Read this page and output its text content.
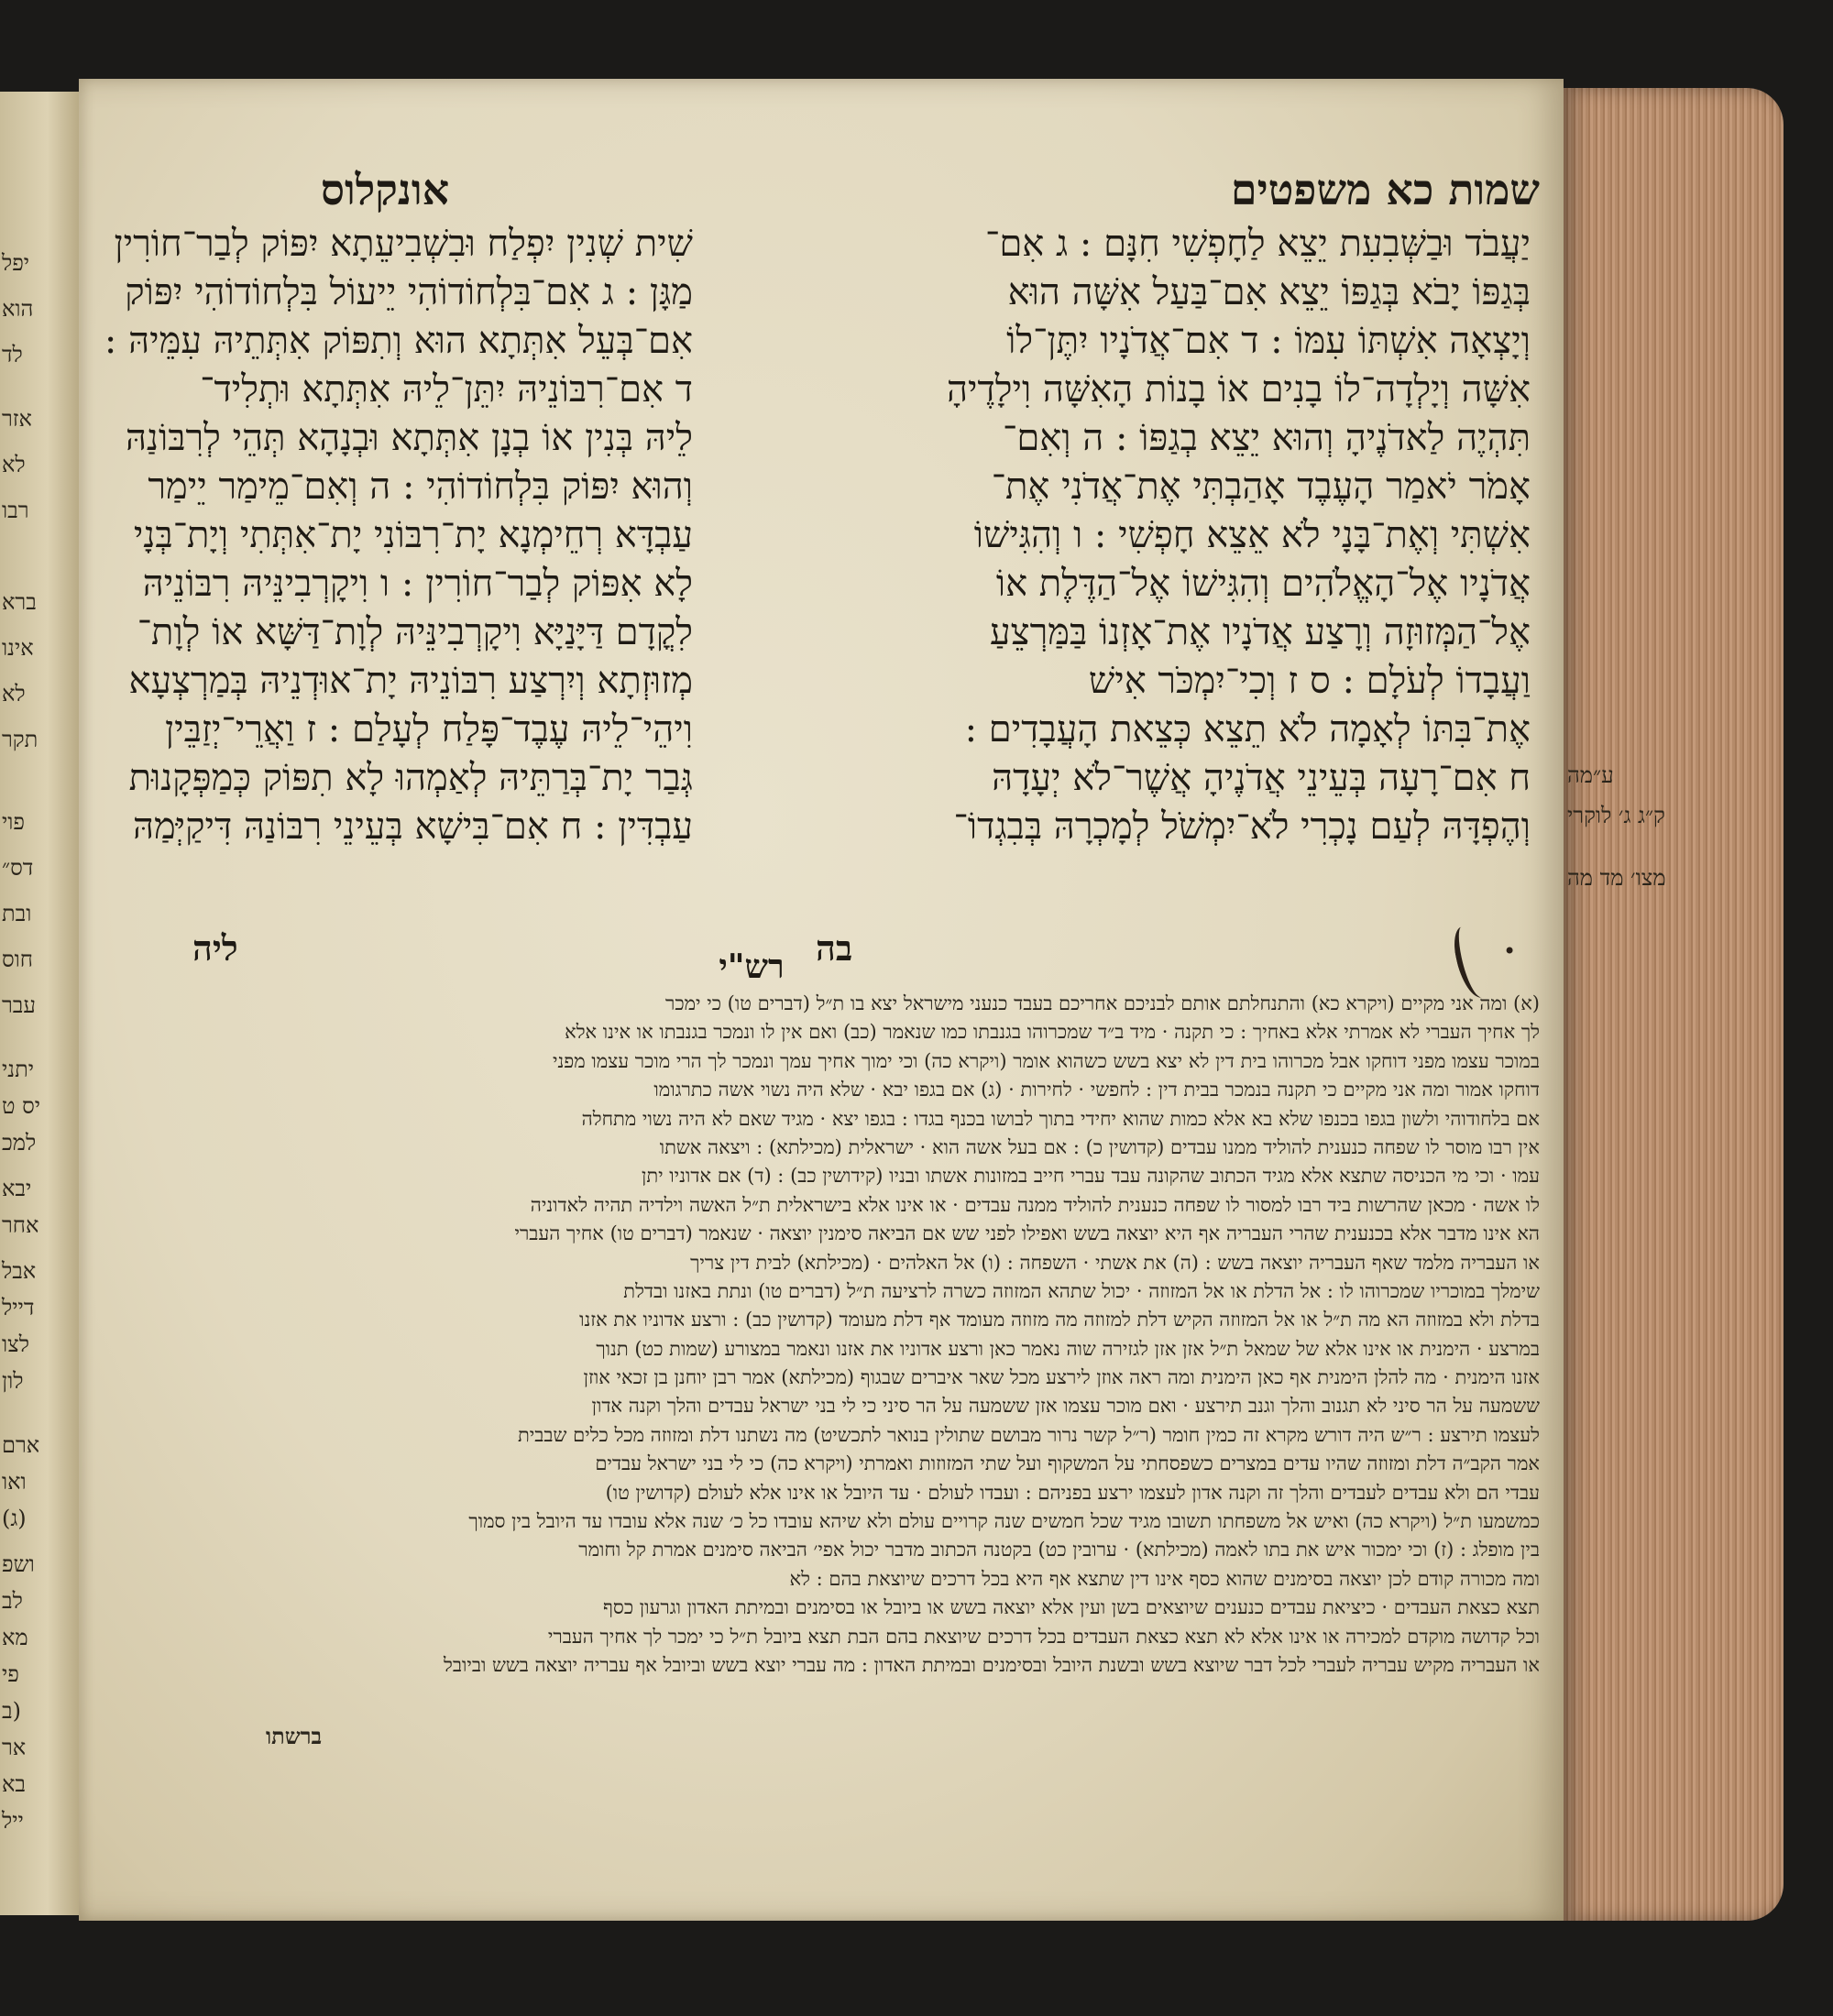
יפל
הוא
לד
אזר
לא
רבו
ברא
אינו
לא
תקר
פוי
דס״
ובת
חוס
עבר
יתני
יס ט
למכ
יבא
אחר
אבל
דייל
לצו
לון
ארם
ואו
(ג)
ושפ
לב
מא
פי
(ב
אר
בא
ייל
שמות כא משפטים
אונקלוס
יַעֲבֹד וּבַשְּׁבִעִת יֵצֵא לַחָפְשִׁי חִנָּם : ג אִם־
בְּגַפּוֹ יָבֹא בְּגַפּוֹ יֵצֵא אִם־בַּעַל אִשָּׁה הוּא
וְיָצְאָה אִשְׁתּוֹ עִמּוֹ : ד אִם־אֲדֹנָיו יִתֶּן־לוֹ
אִשָּׁה וְיָלְדָה־לוֹ בָנִים אוֹ בָנוֹת הָאִשָּׁה וִילָדֶיהָ
תִּהְיֶה לַאדֹנֶיהָ וְהוּא יֵצֵא בְגַפּוֹ : ה וְאִם־
אָמֹר יֹאמַר הָעֶבֶד אָהַבְתִּי אֶת־אֲדֹנִי אֶת־
אִשְׁתִּי וְאֶת־בָּנָי לֹא אֵצֵא חָפְשִׁי : ו וְהִגִּישׁוֹ
אֲדֹנָיו אֶל־הָאֱלֹהִים וְהִגִּישׁוֹ אֶל־הַדֶּלֶת אוֹ
אֶל־הַמְּזוּזָה וְרָצַע אֲדֹנָיו אֶת־אָזְנוֹ בַּמַּרְצֵעַ
וַעֲבָדוֹ לְעֹלָם : ס ז וְכִי־יִמְכֹּר אִישׁ
אֶת־בִּתּוֹ לְאָמָה לֹא תֵצֵא כְּצֵאת הָעֲבָדִים :
ח אִם־רָעָה בְּעֵינֵי אֲדֹנֶיהָ אֲשֶׁר־לֹא יְעָדָהּ
וְהֶפְדָּהּ לְעַם נָכְרִי לֹא־יִמְשֹׁל לְמָכְרָהּ בְּבִגְדוֹ־
שִׁית שְׁנִין יִפְלַח וּבִשְׁבִיעֵתָא יִפּוֹק לְבַר־חוֹרִין
מַגָּן : ג אִם־בִּלְחוֹדוֹהִי יֵיעוֹל בִּלְחוֹדוֹהִי יִפּוֹק
אִם־בְּעֵל אִתְּתָא הוּא וְתִפּוֹק אִתְּתֵיהּ עִמֵּיהּ :
ד אִם־רִבּוֹנֵיהּ יִתֵּן־לֵיהּ אִתְּתָא וּתְלִיד־
לֵיהּ בְּנִין אוֹ בְנָן אִתְּתָא וּבְנָהָא תְּהֵי לְרִבּוֹנַהּ
וְהוּא יִפּוֹק בִּלְחוֹדוֹהִי : ה וְאִם־מֵימַר יֵימַר
עַבְדָּא רְחֵימְנָא יָת־רִבּוֹנִי יָת־אִתְּתִי וְיָת־בְּנָי
לָא אִפּוֹק לְבַר־חוֹרִין : ו וִיקָרְבִינֵּיהּ רִבּוֹנֵיהּ
לִקֳדָם דַּיָּנַיָּא וִיקָרְבִינֵּיהּ לְוָת־דַּשָּׁא אוֹ לְוָת־
מְזוּזְתָא וְיִרְצַע רִבּוֹנֵיהּ יָת־אוּדְנֵיהּ בְּמַרְצְעָא
וִיהֵי־לֵיהּ עֶבֶד־פָּלַח לְעָלַם : ז וַאֲרֵי־יְזַבֵּין
גְּבַר יָת־בְּרַתֵּיהּ לְאַמְהוּ לָא תִפּוֹק כְּמַפְּקָנוּת
עַבְדִּין : ח אִם־בִּישָׁא בְּעֵינֵי רִבּוֹנַהּ דִּיקַיְּמַהּ
בה
ליה	רש"י
ע״מה
ק״ג ג׳ לוקרי
מצו׳ מד מה
•
(א) ומה אני מקיים (ויקרא כא) והתנחלתם אותם לבניכם אחריכם בעבד כנעני מישראל יצא בו ת״ל (דברים טו) כי ימכר
לך אחיך העברי לא אמרתי אלא באחיך : כי תקנה · מיד ב״ד שמכרוהו בגנבתו כמו שנאמר (כב) ואם אין לו ונמכר בגנבתו או אינו אלא
במוכר עצמו מפני דוחקו אבל מכרוהו בית דין לא יצא בשש כשהוא אומר (ויקרא כה) וכי ימוך אחיך עמך ונמכר לך הרי מוכר עצמו מפני
דוחקו אמור ומה אני מקיים כי תקנה בנמכר בבית דין : לחפשי · לחירות · (ג) אם בגפו יבא · שלא היה נשוי אשה כתרגומו
אם בלחודוהי ולשון בגפו בכנפו שלא בא אלא כמות שהוא יחידי בתוך לבושו בכנף בגדו : בגפו יצא · מגיד שאם לא היה נשוי מתחלה
אין רבו מוסר לו שפחה כנענית להוליד ממנו עבדים (קדושין כ) : אם בעל אשה הוא · ישראלית (מכילתא) : ויצאה אשתו
עמו · וכי מי הכניסה שתצא אלא מגיד הכתוב שהקונה עבד עברי חייב במזונות אשתו ובניו (קידושין כב) : (ד) אם אדוניו יתן
לו אשה · מכאן שהרשות ביד רבו למסור לו שפחה כנענית להוליד ממנה עבדים · או אינו אלא בישראלית ת״ל האשה וילדיה תהיה לאדוניה
הא אינו מדבר אלא בכנענית שהרי העבריה אף היא יוצאה בשש ואפילו לפני שש אם הביאה סימנין יוצאה · שנאמר (דברים טו) אחיך העברי
או העבריה מלמד שאף העבריה יוצאה בשש : (ה) את אשתי · השפחה : (ו) אל האלהים · (מכילתא) לבית דין צריך
שימלך במוכריו שמכרוהו לו : אל הדלת או אל המזוזה · יכול שתהא המזוזה כשרה לרציעה ת״ל (דברים טו) ונתת באזנו ובדלת
בדלת ולא במזוזה הא מה ת״ל או אל המזוזה הקיש דלת למזוזה מה מזוזה מעומד אף דלת מעומד (קדושין כב) : ורצע אדוניו את אזנו
במרצע · הימנית או אינו אלא של שמאל ת״ל אזן אזן לגזירה שוה נאמר כאן ורצע אדוניו את אזנו ונאמר במצורע (שמות כט) תנוך
אזנו הימנית · מה להלן הימנית אף כאן הימנית ומה ראה אוזן לירצע מכל שאר איברים שבגוף (מכילתא) אמר רבן יוחנן בן זכאי אוזן
ששמעה על הר סיני לא תגנוב והלך וגנב תירצע · ואם מוכר עצמו אזן ששמעה על הר סיני כי לי בני ישראל עבדים והלך וקנה אדון
לעצמו תירצע : ר״ש היה דורש מקרא זה כמין חומר (ר״ל קשר נרור מבושם שתולין בנואר לתכשיט) מה נשתנו דלת ומזוזה מכל כלים שבבית
אמר הקב״ה דלת ומזוזה שהיו עדים במצרים כשפסחתי על המשקוף ועל שתי המזוזות ואמרתי (ויקרא כה) כי לי בני ישראל עבדים
עבדי הם ולא עבדים לעבדים והלך זה וקנה אדון לעצמו ירצע בפניהם : ועבדו לעולם · עד היובל או אינו אלא לעולם (קדושין טו)
כמשמעו ת״ל (ויקרא כה) ואיש אל משפחתו תשובו מגיד שכל חמשים שנה קרויים עולם ולא שיהא עובדו כל כ׳ שנה אלא עובדו עד היובל בין סמוך
בין מופלג : (ז) וכי ימכור איש את בתו לאמה (מכילתא) · ערובין כט) בקטנה הכתוב מדבר יכול אפי׳ הביאה סימנים אמרת קל וחומר
ומה מכורה קודם לכן יוצאה בסימנים שהוא כסף אינו דין שתצא אף היא בכל דרכים שיוצאת בהם : לא
תצא כצאת העבדים · כיציאת עבדים כנענים שיוצאים בשן ועין אלא יוצאה בשש או ביובל או בסימנים ובמיתת האדון וגרעון כסף
וכל קדושה מוקדם למכירה או אינו אלא לא תצא כצאת העבדים בכל דרכים שיוצאת בהם הבת תצא ביובל ת״ל כי ימכר לך אחיך העברי
או העבריה מקיש עבריה לעברי לכל דבר שיוצא בשש ובשנת היובל ובסימנים ובמיתת האדון : מה עברי יוצא בשש וביובל אף עבריה יוצאה בשש וביובל
ברשתו
